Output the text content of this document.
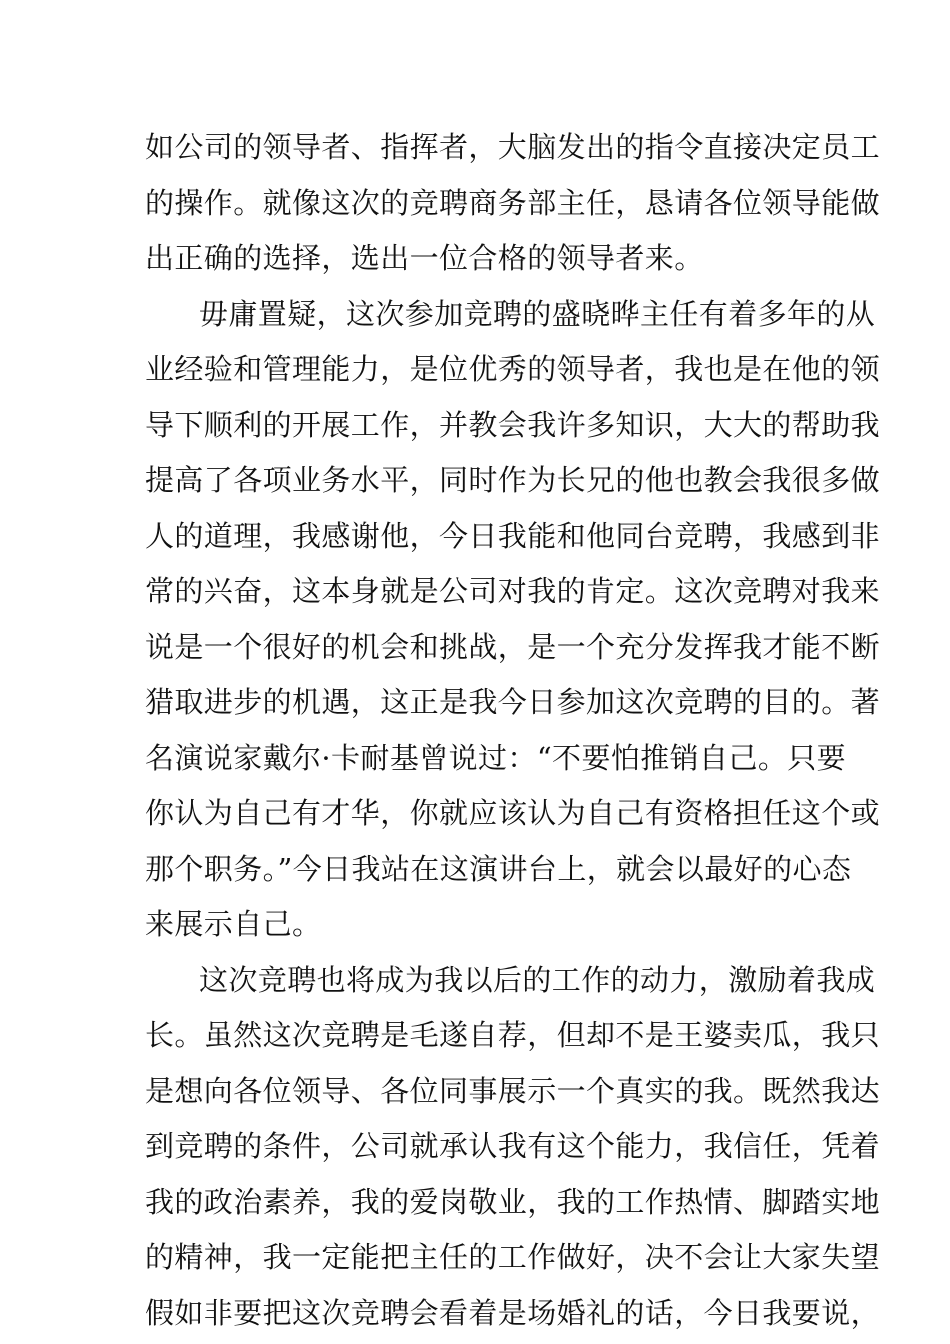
如公司的领导者、指挥者，大脑发出的指令直接决定员工
的操作。就像这次的竞聘商务部主任，恳请各位领导能做
出正确的选择，选出一位合格的领导者来。
毋庸置疑，这次参加竞聘的盛晓晔主任有着多年的从
业经验和管理能力，是位优秀的领导者，我也是在他的领
导下顺利的开展工作，并教会我许多知识，大大的帮助我
提高了各项业务水平，同时作为长兄的他也教会我很多做
人的道理，我感谢他，今日我能和他同台竞聘，我感到非
常的兴奋，这本身就是公司对我的肯定。这次竞聘对我来
说是一个很好的机会和挑战，是一个充分发挥我才能不断
猎取进步的机遇，这正是我今日参加这次竞聘的目的。著
名演说家戴尔·卡耐基曾说过：“不要怕推销自己。只要
你认为自己有才华，你就应该认为自己有资格担任这个或
那个职务。”今日我站在这演讲台上，就会以最好的心态
来展示自己。
这次竞聘也将成为我以后的工作的动力，激励着我成
长。虽然这次竞聘是毛遂自荐，但却不是王婆卖瓜，我只
是想向各位领导、各位同事展示一个真实的我。既然我达
到竞聘的条件，公司就承认我有这个能力，我信任，凭着
我的政治素养，我的爱岗敬业，我的工作热情、脚踏实地
的精神，我一定能把主任的工作做好，决不会让大家失望
假如非要把这次竞聘会看着是场婚礼的话，今日我要说，
